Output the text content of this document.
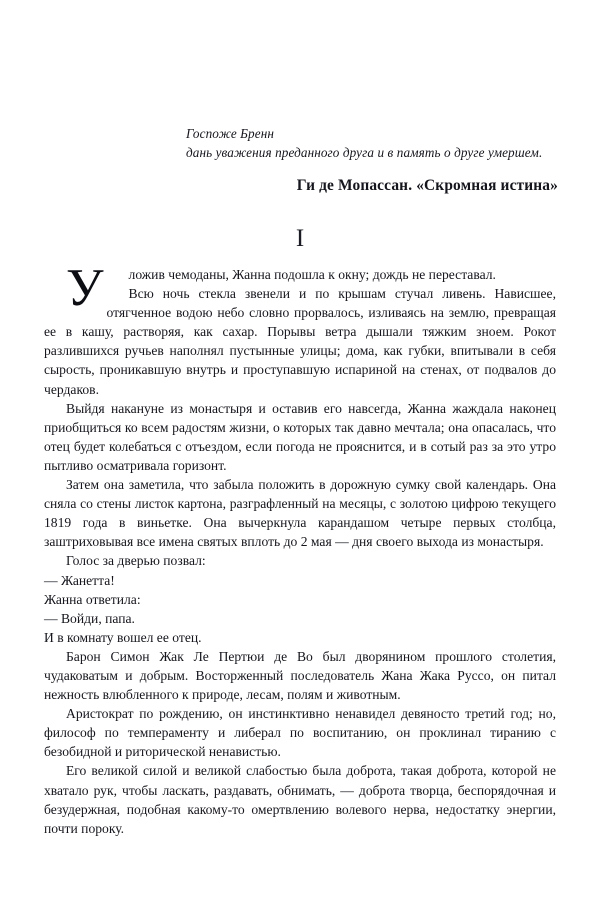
Госпоже Бренн
дань уважения преданного друга и в память о друге умершем.
Ги де Мопассан. «Скромная истина»
I

Уложив чемоданы, Жанна подошла к окну; дождь не переставал.

Всю ночь стекла звенели и по крышам стучал ливень. Нависшее, отягченное водою небо словно прорвалось, изливаясь на землю, превращая ее в кашу, растворяя, как сахар. Порывы ветра дышали тяжким зноем. Рокот разлившихся ручьев наполнял пустынные улицы; дома, как губки, впитывали в себя сырость, проникавшую внутрь и проступавшую испариной на стенах, от подвалов до чердаков.

Выйдя накануне из монастыря и оставив его навсегда, Жанна жаждала наконец приобщиться ко всем радостям жизни, о которых так давно мечтала; она опасалась, что отец будет колебаться с отъездом, если погода не прояснится, и в сотый раз за это утро пытливо осматривала горизонт.

Затем она заметила, что забыла положить в дорожную сумку свой календарь. Она сняла со стены листок картона, разграфленный на месяцы, с золотою цифрою текущего 1819 года в виньетке. Она вычеркнула карандашом четыре первых столбца, заштриховывая все имена святых вплоть до 2 мая — дня своего выхода из монастыря.

Голос за дверью позвал:

— Жанетта!

Жанна ответила:

— Войди, папа.

И в комнату вошел ее отец.

Барон Симон Жак Ле Пертюи де Во был дворянином прошлого столетия, чудаковатым и добрым. Восторженный последователь Жана Жака Руссо, он питал нежность влюбленного к природе, лесам, полям и животным.

Аристократ по рождению, он инстинктивно ненавидел девяносто третий год; но, философ по темпераменту и либерал по воспитанию, он проклинал тиранию с безобидной и риторической ненавистью.

Его великой силой и великой слабостью была доброта, такая доброта, которой не хватало рук, чтобы ласкать, раздавать, обнимать, — доброта творца, беспорядочная и безудержная, подобная какому-то омертвлению волевого нерва, недостатку энергии, почти пороку.
